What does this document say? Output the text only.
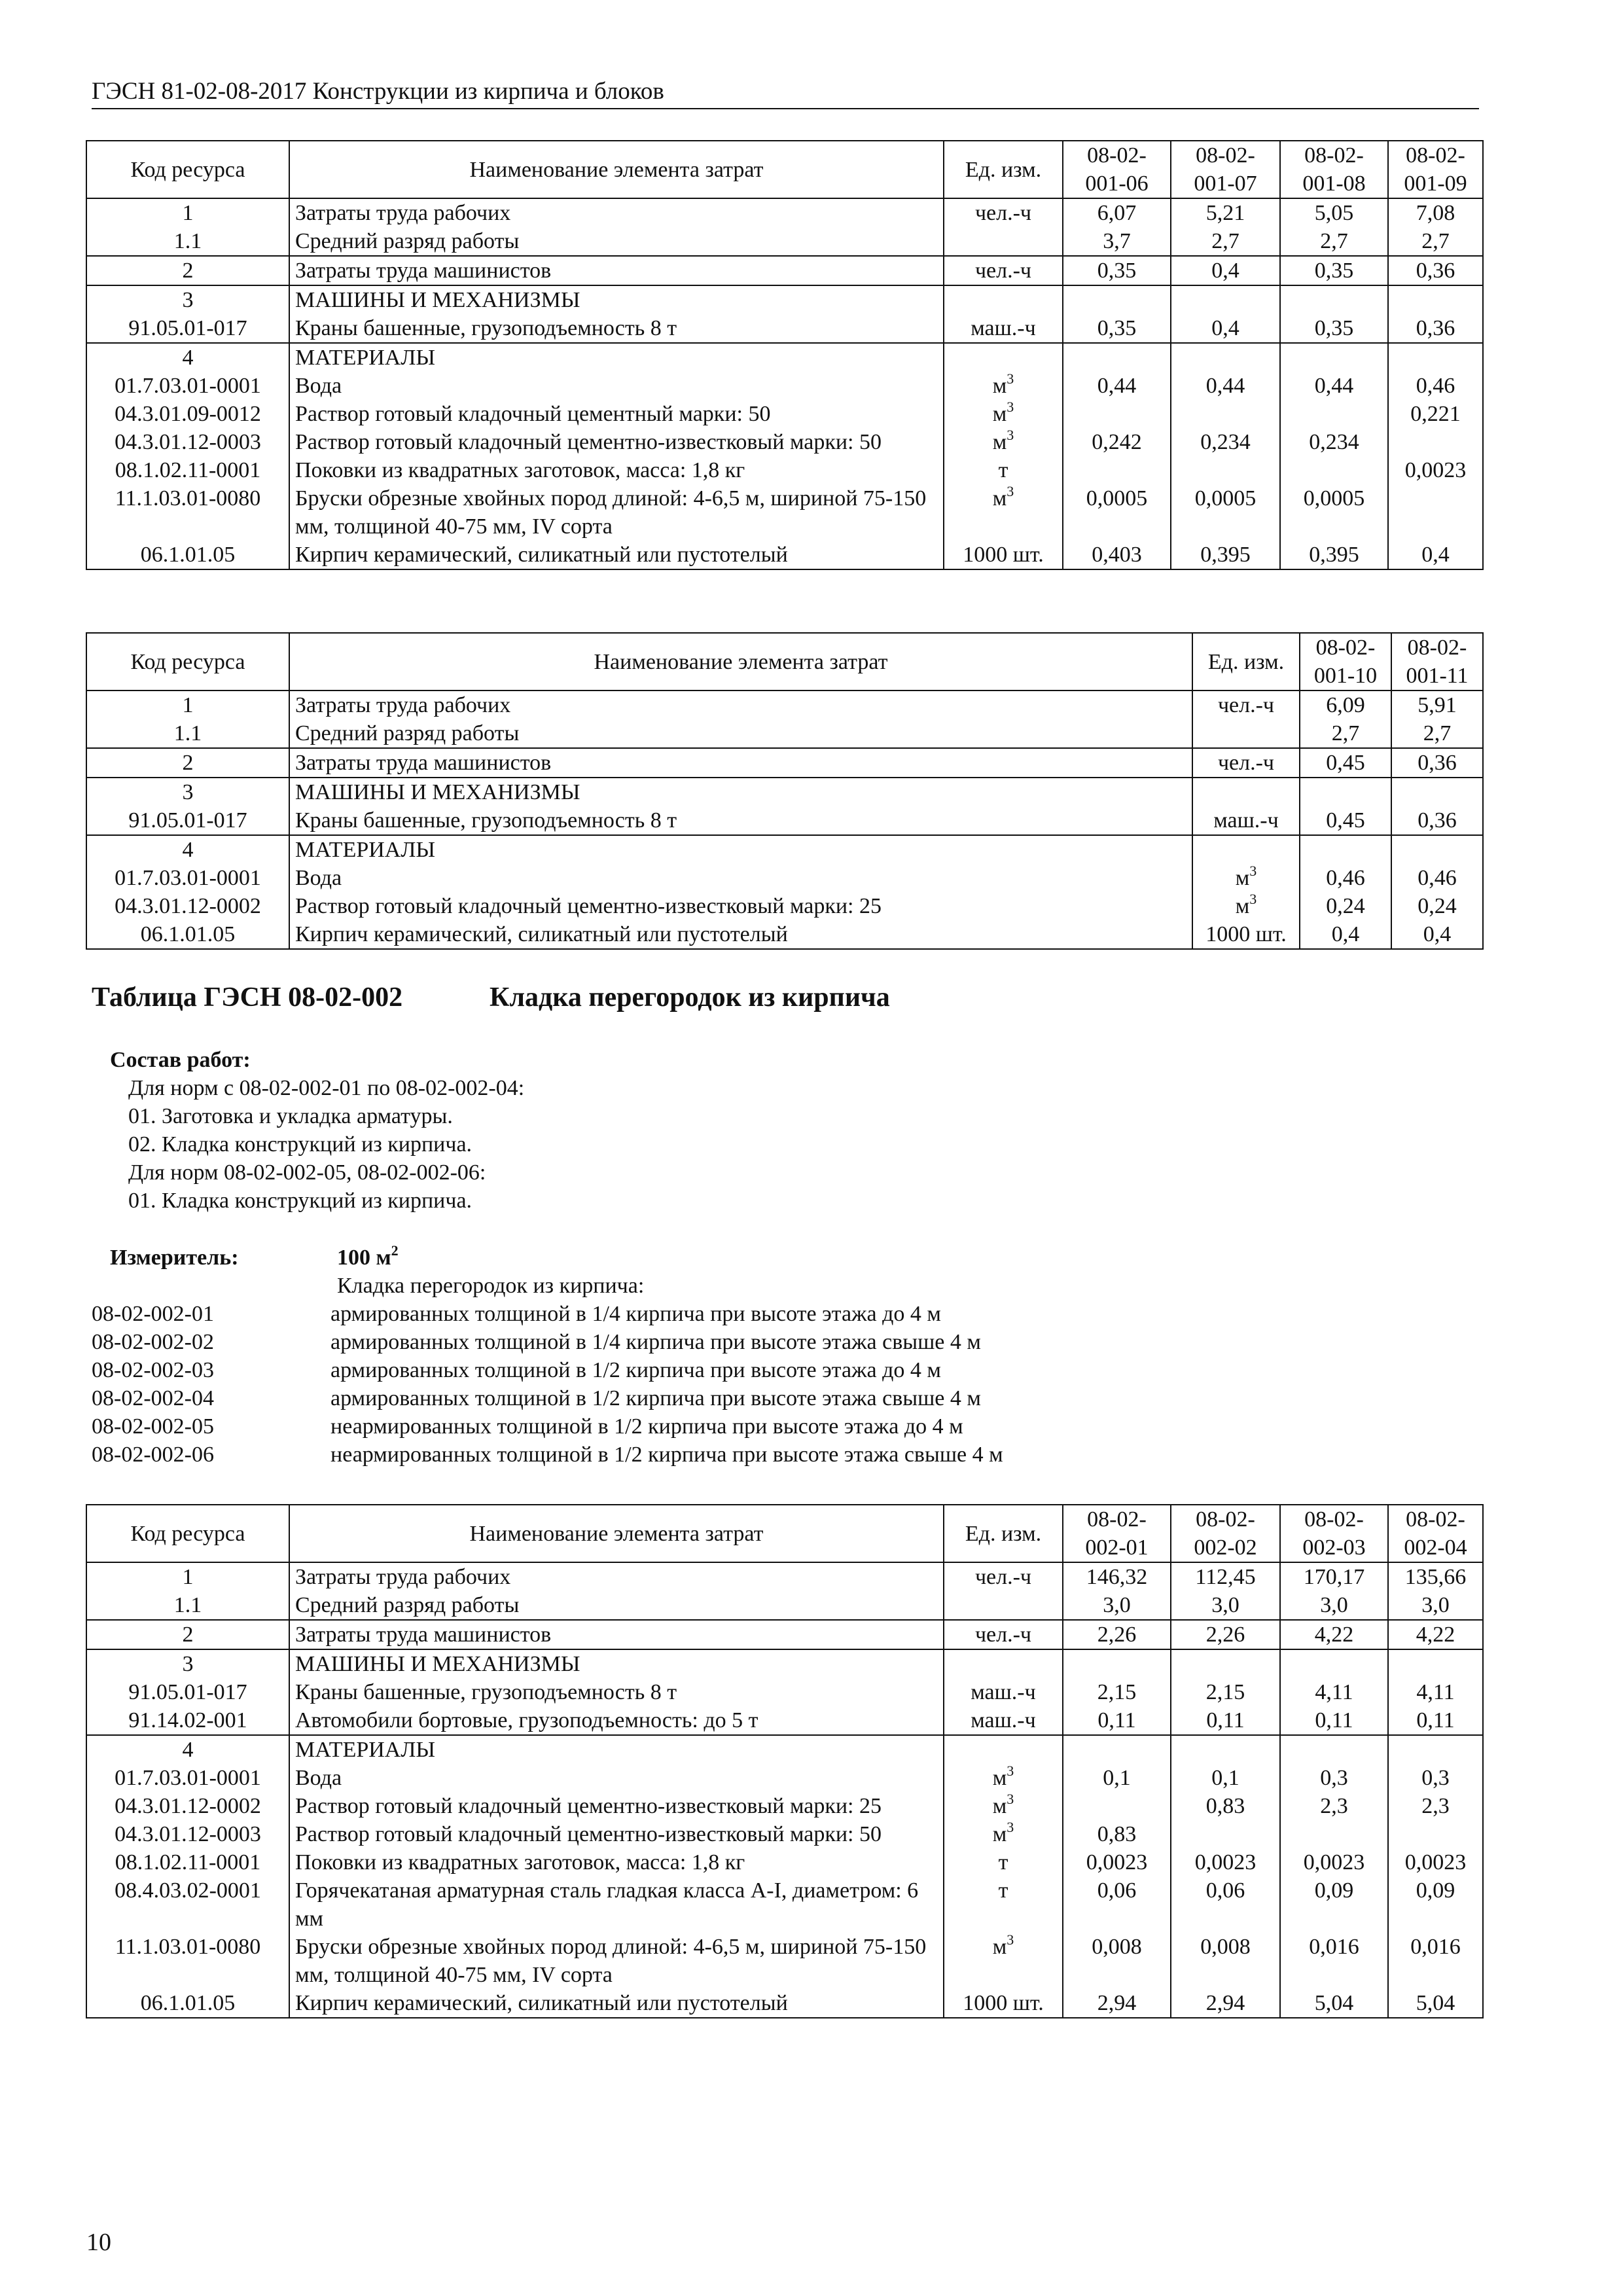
ГЭСН 81-02-08-2017 Конструкции из кирпича и блоков
Код ресурса	Наименование элемента затрат	Ед. изм.	08-02-001-06	08-02-001-07	08-02-001-08	08-02-001-09
1	Затраты труда рабочих	чел.-ч	6,07	5,21	5,05	7,08
1.1	Средний разряд работы		3,7	2,7	2,7	2,7
2	Затраты труда машинистов	чел.-ч	0,35	0,4	0,35	0,36
3	МАШИНЫ И МЕХАНИЗМЫ					
91.05.01-017	Краны башенные, грузоподъемность 8 т	маш.-ч	0,35	0,4	0,35	0,36
4	МАТЕРИАЛЫ					
01.7.03.01-0001	Вода	$м^3$	0,44	0,44	0,44	0,46
04.3.01.09-0012	Раствор готовый кладочный цементный марки: 50	$м^3$				0,221
04.3.01.12-0003	Раствор готовый кладочный цементно-известковый марки: 50	$м^3$	0,242	0,234	0,234	
08.1.02.11-0001	Поковки из квадратных заготовок, масса: 1,8 кг	т				0,0023
11.1.03.01-0080	Бруски обрезные хвойных пород длиной: 4-6,5 м, шириной 75-150 мм, толщиной 40-75 мм, IV сорта	$м^3$	0,0005	0,0005	0,0005	
06.1.01.05	Кирпич керамический, силикатный или пустотелый	1000 шт.	0,403	0,395	0,395	0,4
Код ресурса	Наименование элемента затрат	Ед. изм.	08-02-001-10	08-02-001-11
1	Затраты труда рабочих	чел.-ч	6,09	5,91
1.1	Средний разряд работы		2,7	2,7
2	Затраты труда машинистов	чел.-ч	0,45	0,36
3	МАШИНЫ И МЕХАНИЗМЫ			
91.05.01-017	Краны башенные, грузоподъемность 8 т	маш.-ч	0,45	0,36
4	МАТЕРИАЛЫ			
01.7.03.01-0001	Вода	$м^3$	0,46	0,46
04.3.01.12-0002	Раствор готовый кладочный цементно-известковый марки: 25	$м^3$	0,24	0,24
06.1.01.05	Кирпич керамический, силикатный или пустотелый	1000 шт.	0,4	0,4
Таблица ГЭСН 08-02-002	Кладка перегородок из кирпича
Состав работ:
Для норм с 08-02-002-01 по 08-02-002-04:
01. Заготовка и укладка арматуры.
02. Кладка конструкций из кирпича.
Для норм 08-02-002-05, 08-02-002-06:
01. Кладка конструкций из кирпича.
Измеритель:	100 $м^2$
Кладка перегородок из кирпича:
08-02-002-01	армированных толщиной в 1/4 кирпича при высоте этажа до 4 м
08-02-002-02	армированных толщиной в 1/4 кирпича при высоте этажа свыше 4 м
08-02-002-03	армированных толщиной в 1/2 кирпича при высоте этажа до 4 м
08-02-002-04	армированных толщиной в 1/2 кирпича при высоте этажа свыше 4 м
08-02-002-05	неармированных толщиной в 1/2 кирпича при высоте этажа до 4 м
08-02-002-06	неармированных толщиной в 1/2 кирпича при высоте этажа свыше 4 м
Код ресурса	Наименование элемента затрат	Ед. изм.	08-02-002-01	08-02-002-02	08-02-002-03	08-02-002-04
1	Затраты труда рабочих	чел.-ч	146,32	112,45	170,17	135,66
1.1	Средний разряд работы		3,0	3,0	3,0	3,0
2	Затраты труда машинистов	чел.-ч	2,26	2,26	4,22	4,22
3	МАШИНЫ И МЕХАНИЗМЫ					
91.05.01-017	Краны башенные, грузоподъемность 8 т	маш.-ч	2,15	2,15	4,11	4,11
91.14.02-001	Автомобили бортовые, грузоподъемность: до 5 т	маш.-ч	0,11	0,11	0,11	0,11
4	МАТЕРИАЛЫ					
01.7.03.01-0001	Вода	$м^3$	0,1	0,1	0,3	0,3
04.3.01.12-0002	Раствор готовый кладочный цементно-известковый марки: 25	$м^3$		0,83	2,3	2,3
04.3.01.12-0003	Раствор готовый кладочный цементно-известковый марки: 50	$м^3$	0,83			
08.1.02.11-0001	Поковки из квадратных заготовок, масса: 1,8 кг	т	0,0023	0,0023	0,0023	0,0023
08.4.03.02-0001	Горячекатаная арматурная сталь гладкая класса А-I, диаметром: 6 мм	т	0,06	0,06	0,09	0,09
11.1.03.01-0080	Бруски обрезные хвойных пород длиной: 4-6,5 м, шириной 75-150 мм, толщиной 40-75 мм, IV сорта	$м^3$	0,008	0,008	0,016	0,016
06.1.01.05	Кирпич керамический, силикатный или пустотелый	1000 шт.	2,94	2,94	5,04	5,04
10
